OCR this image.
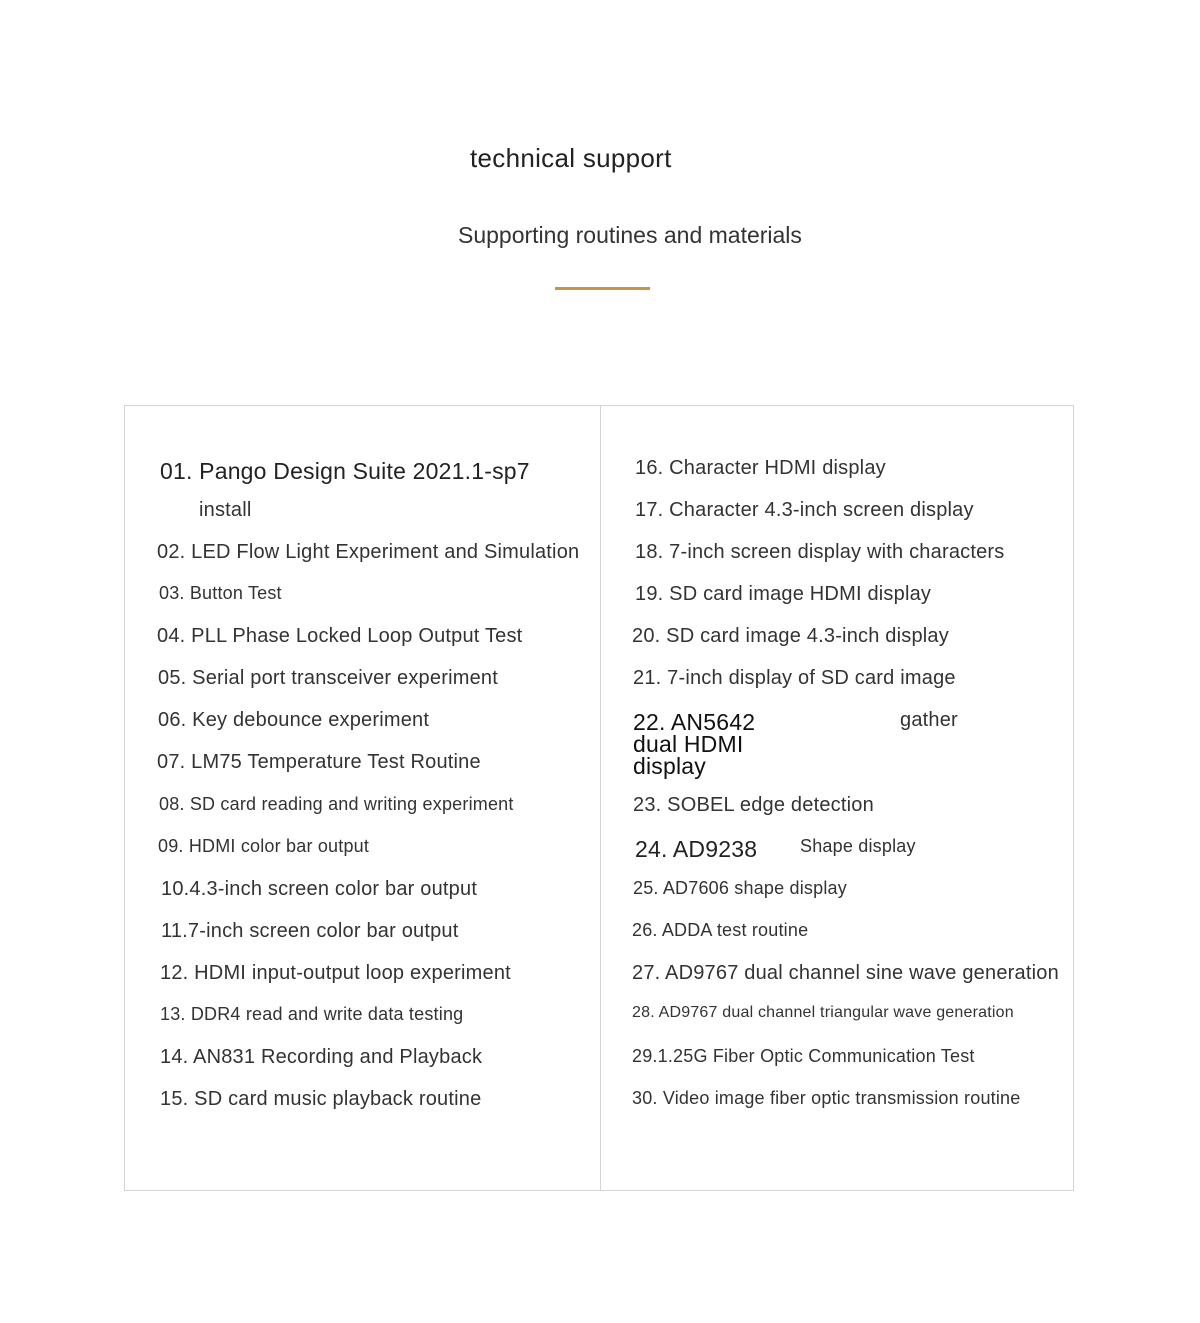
technical support
Supporting routines and materials
01. Pango Design Suite 2021.1-sp7
install
02. LED Flow Light Experiment and Simulation
03. Button Test
04. PLL Phase Locked Loop Output Test
05. Serial port transceiver experiment
06. Key debounce experiment
07. LM75 Temperature Test Routine
08. SD card reading and writing experiment
09. HDMI color bar output
10.4.3-inch screen color bar output
11.7-inch screen color bar output
12. HDMI input-output loop experiment
13. DDR4 read and write data testing
14. AN831 Recording and Playback
15. SD card music playback routine
16. Character HDMI display
17. Character 4.3-inch screen display
18. 7-inch screen display with characters
19. SD card image HDMI display
20. SD card image 4.3-inch display
21. 7-inch display of SD card image
22. AN5642 dual HDMI display
gather
23. SOBEL edge detection
24. AD9238 Shape display
25. AD7606 shape display
26. ADDA test routine
27. AD9767 dual channel sine wave generation
28. AD9767 dual channel triangular wave generation
29.1.25G Fiber Optic Communication Test
30. Video image fiber optic transmission routine
